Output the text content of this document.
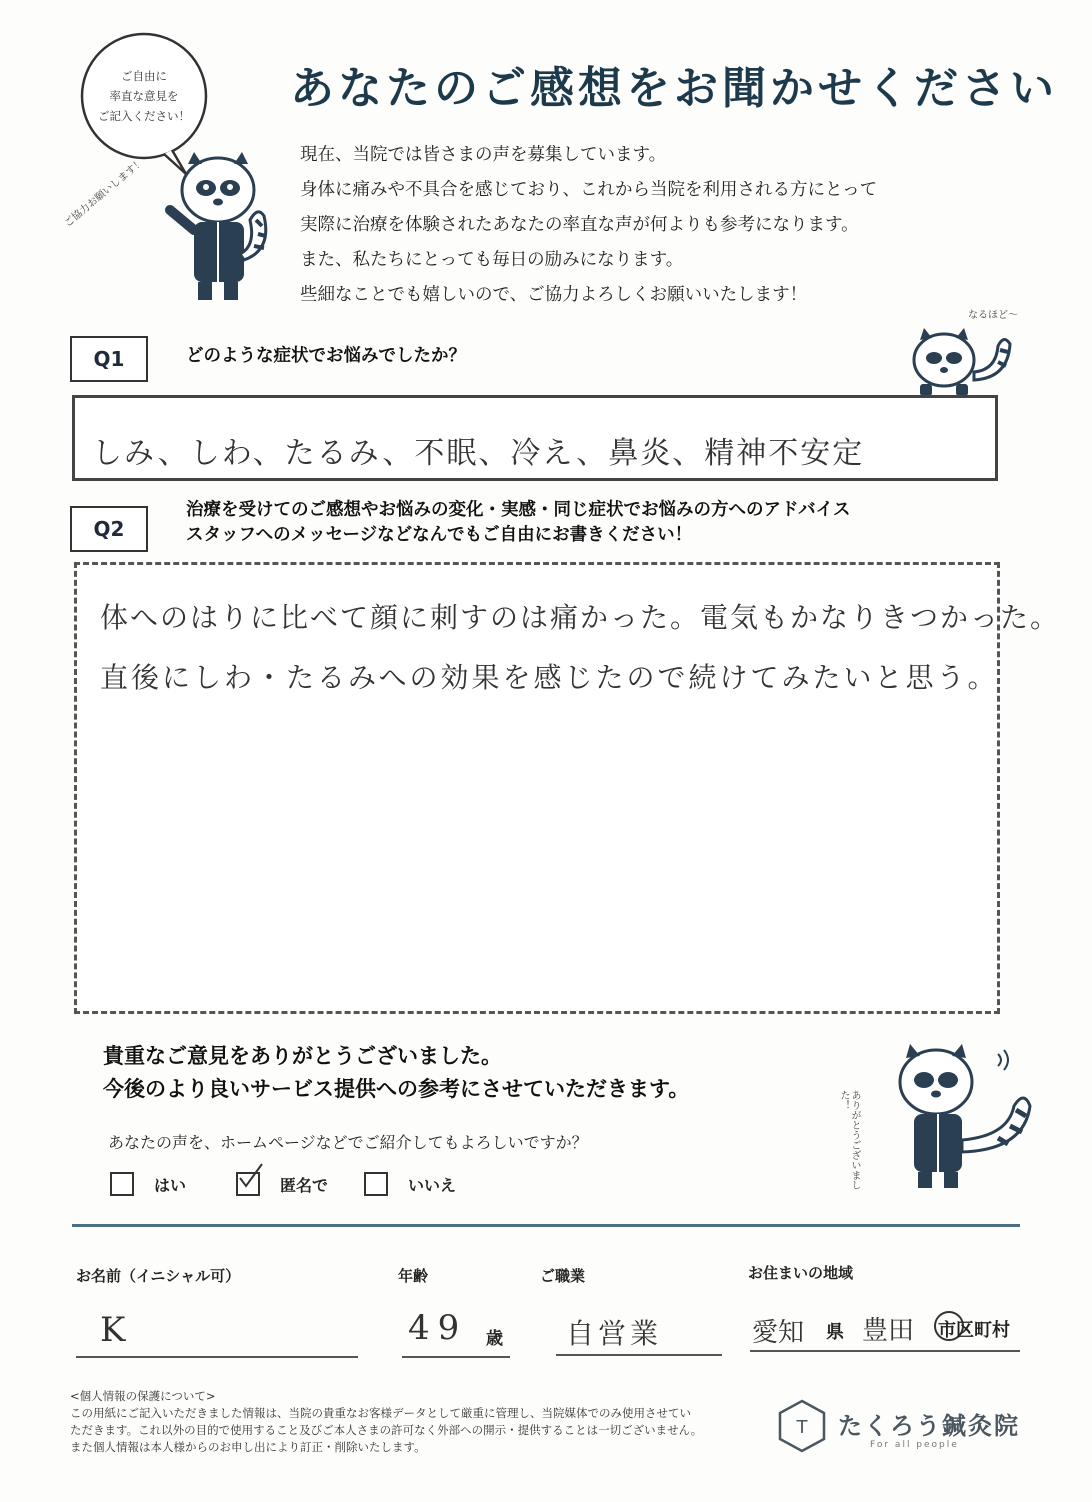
ご自由に
率直な意見を
ご記入ください！
ご協力お願いします！
あなたのご感想をお聞かせください
現在、当院では皆さまの声を募集しています。
身体に痛みや不具合を感じており、これから当院を利用される方にとって
実際に治療を体験されたあなたの率直な声が何よりも参考になります。
また、私たちにとっても毎日の励みになります。
些細なことでも嬉しいので、ご協力よろしくお願いいたします！
Q1	どのような症状でお悩みでしたか？
なるほど〜
しみ、しわ、たるみ、不眠、冷え、鼻炎、精神不安定
Q2
治療を受けてのご感想やお悩みの変化・実感・同じ症状でお悩みの方へのアドバイス
スタッフへのメッセージなどなんでもご自由にお書きください！
体へのはりに比べて顔に刺すのは痛かった。電気もかなりきつかった。
直後にしわ・たるみへの効果を感じたので続けてみたいと思う。
貴重なご意見をありがとうございました。
今後のより良いサービス提供への参考にさせていただきます。
あなたの声を、ホームページなどでご紹介してもよろしいですか？
はい	匿名で	いいえ	ありがとうございました！
お名前（イニシャル可）
K
年齢
49 歳
ご職業
自営業
お住まいの地域
愛知 県 豊田 市区町村
<個人情報の保護について>
この用紙にご記入いただきました情報は、当院の貴重なお客様データとして厳重に管理し、当院媒体でのみ使用させてい
ただきます。これ以外の目的で使用すること及びご本人さまの許可なく外部への開示・提供することは一切ございません。
また個人情報は本人様からのお申し出により訂正・削除いたします。
T たくろう鍼灸院
For all people
